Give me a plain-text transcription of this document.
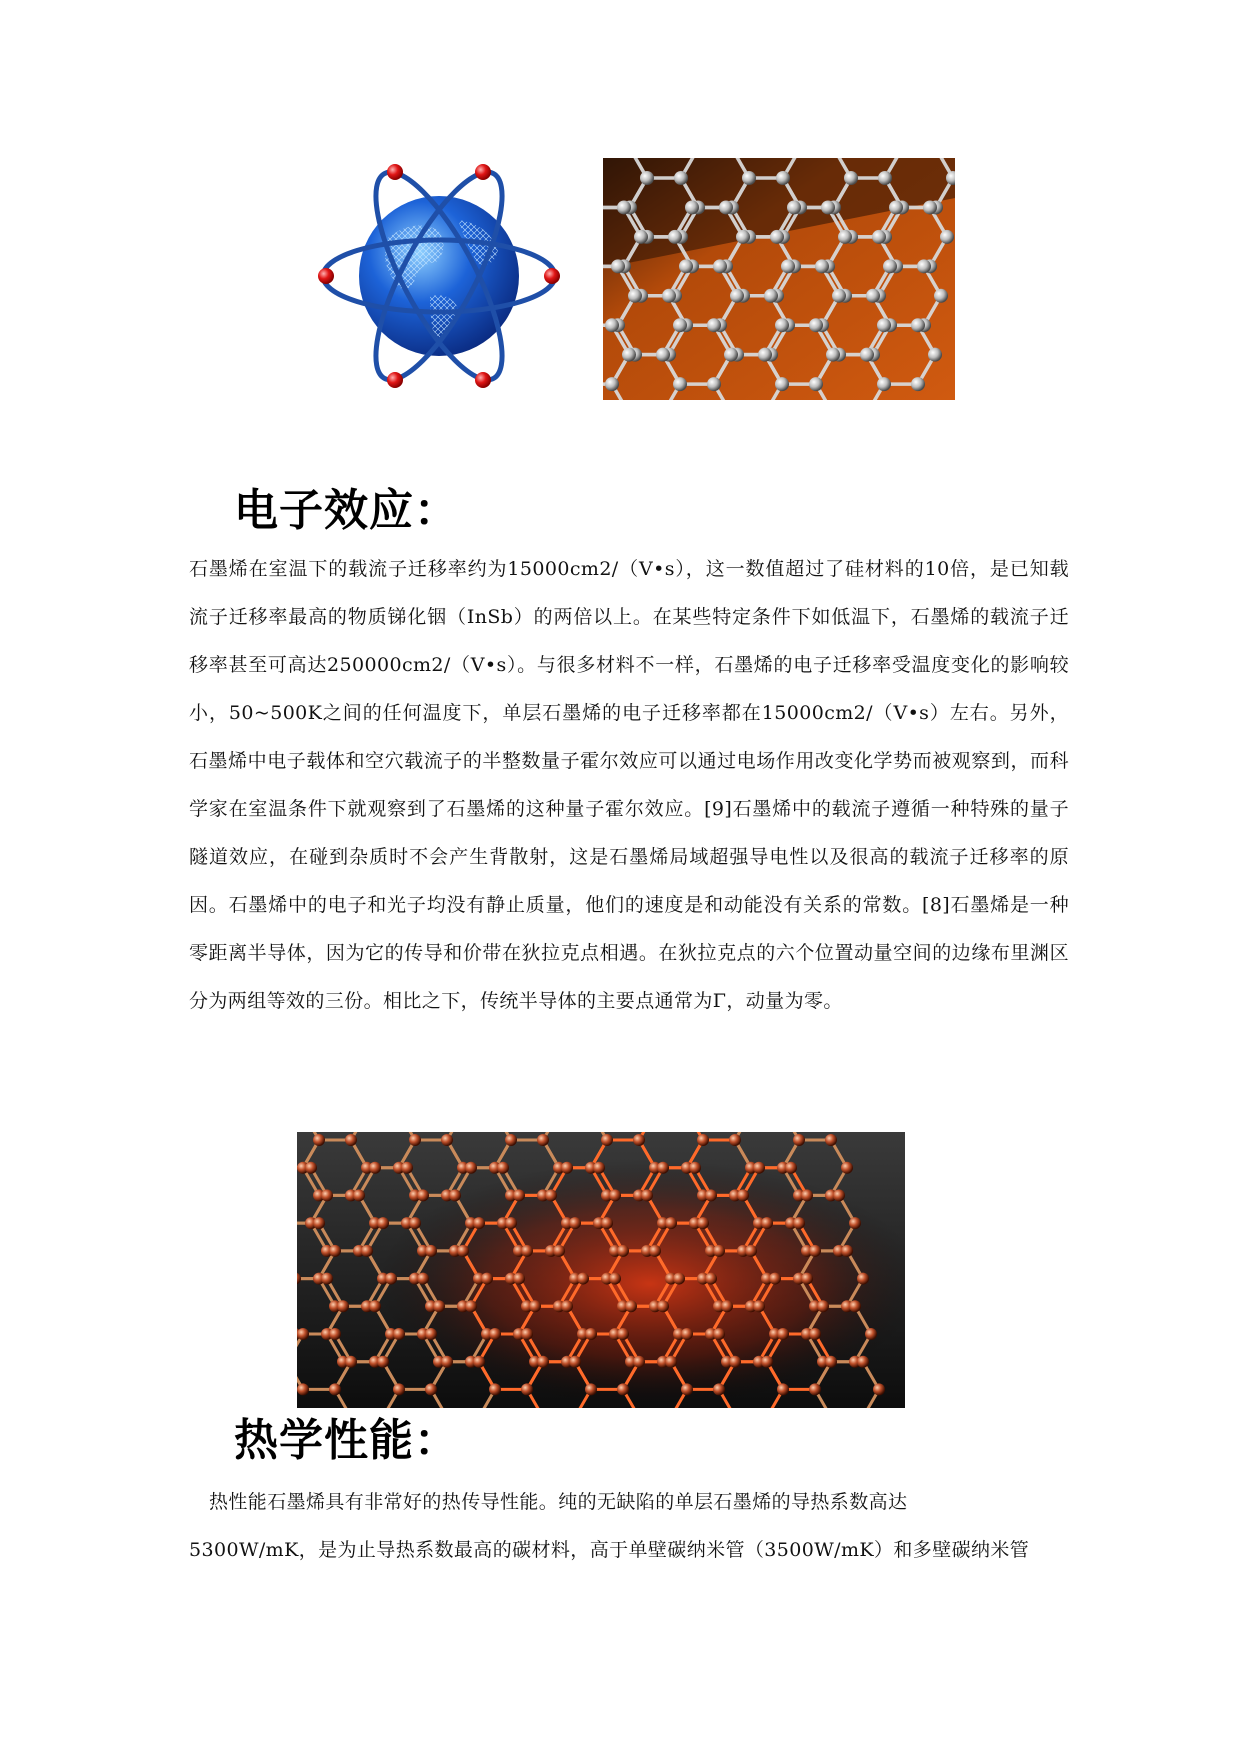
电子效应：

石墨烯在室温下的载流子迁移率约为15000cm2/（V•s），这一数值超过了硅材料的10倍，是已知载流子迁移率最高的物质锑化铟（InSb）的两倍以上。在某些特定条件下如低温下，石墨烯的载流子迁移率甚至可高达250000cm2/（V•s）。与很多材料不一样，石墨烯的电子迁移率受温度变化的影响较小，50~500K之间的任何温度下，单层石墨烯的电子迁移率都在15000cm2/（V•s）左右。另外，石墨烯中电子载体和空穴载流子的半整数量子霍尔效应可以通过电场作用改变化学势而被观察到，而科学家在室温条件下就观察到了石墨烯的这种量子霍尔效应。[9]石墨烯中的载流子遵循一种特殊的量子隧道效应，在碰到杂质时不会产生背散射，这是石墨烯局域超强导电性以及很高的载流子迁移率的原因。石墨烯中的电子和光子均没有静止质量，他们的速度是和动能没有关系的常数。[8]石墨烯是一种零距离半导体，因为它的传导和价带在狄拉克点相遇。在狄拉克点的六个位置动量空间的边缘布里渊区分为两组等效的三份。相比之下，传统半导体的主要点通常为Γ，动量为零。

热学性能：

热性能石墨烯具有非常好的热传导性能。纯的无缺陷的单层石墨烯的导热系数高达

5300W/mK，是为止导热系数最高的碳材料，高于单壁碳纳米管（3500W/mK）和多壁碳纳米管
